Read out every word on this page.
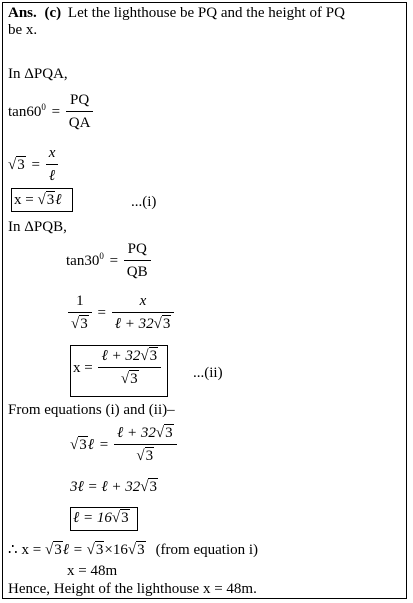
Ans. (c) Let the lighthouse be PQ and the height of PQ
be x.
In ΔPQA,
$\tan 60^0 = \frac{PQ}{QA}$
$√3 = \frac{x}{\text{ℓ}}$
x = √3ℓ	...(i)
In ΔPQB,
$\tan 30^0 = \frac{PQ}{QB}$
$\frac{1}{√3} = \frac{x}{\text{ℓ + 32√3}}$
$x = \frac{\text{ℓ + 32√3}}{√3} ...(ii)$
From equations (i) and (ii)–
√3ℓ = $\frac{\text{ℓ + 32√3}}{√3}$
3ℓ = ℓ + 32√3
ℓ = 16√3
∴ x = √3ℓ = √3×16√3 (from equation i)
x = 48m
Hence, Height of the lighthouse x = 48m.
